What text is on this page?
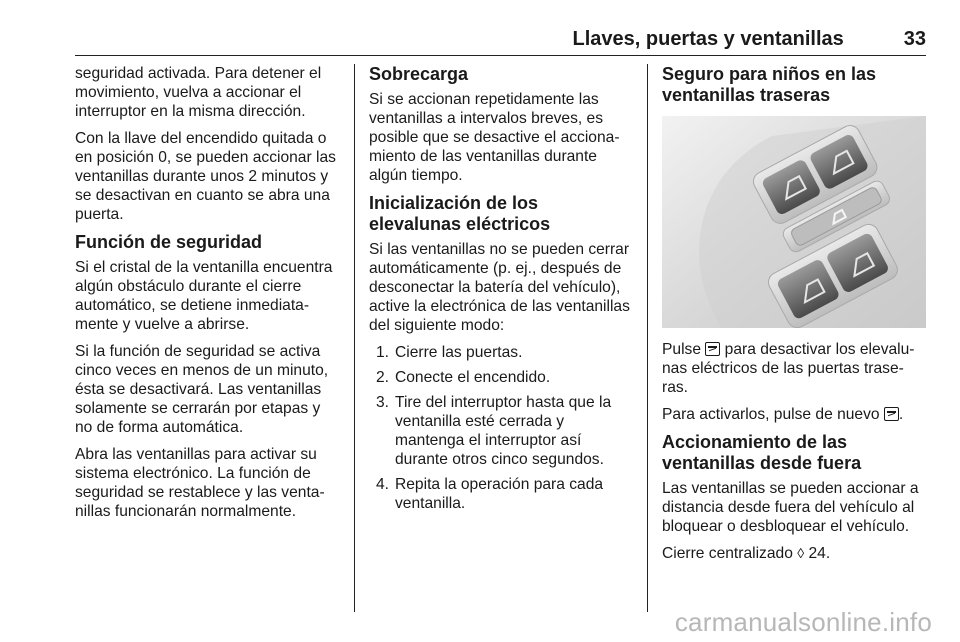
Llaves, puertas y ventanillas	33

seguridad activada. Para detener el movimiento, vuelva a accionar el interruptor en la misma dirección.

Con la llave del encendido quitada o en posición 0, se pueden accionar las ventanillas durante unos 2 minutos y se desactivan en cuanto se abra una puerta.

Función de seguridad

Si el cristal de la ventanilla encuentra algún obstáculo durante el cierre automático, se detiene inmediata-mente y vuelve a abrirse.

Si la función de seguridad se activa cinco veces en menos de un minuto, ésta se desactivará. Las ventanillas solamente se cerrarán por etapas y no de forma automática.

Abra las ventanillas para activar su sistema electrónico. La función de seguridad se restablece y las venta-nillas funcionarán normalmente.

Sobrecarga

Si se accionan repetidamente las ventanillas a intervalos breves, es posible que se desactive el acciona-miento de las ventanillas durante algún tiempo.

Inicialización de los elevalunas eléctricos

Si las ventanillas no se pueden cerrar automáticamente (p. ej., después de desconectar la batería del vehículo), active la electrónica de las ventanillas del siguiente modo:

1. Cierre las puertas.
2. Conecte el encendido.
3. Tire del interruptor hasta que la ventanilla esté cerrada y mantenga el interruptor así durante otros cinco segundos.
4. Repita la operación para cada ventanilla.
Seguro para niños en las ventanillas traseras

Pulse  para desactivar los elevalu-nas eléctricos de las puertas trase-ras.

Para activarlos, pulse de nuevo .

Accionamiento de las ventanillas desde fuera

Las ventanillas se pueden accionar a distancia desde fuera del vehículo al bloquear o desbloquear el vehículo.

Cierre centralizado ◊ 24.

carmanualsonline.info
